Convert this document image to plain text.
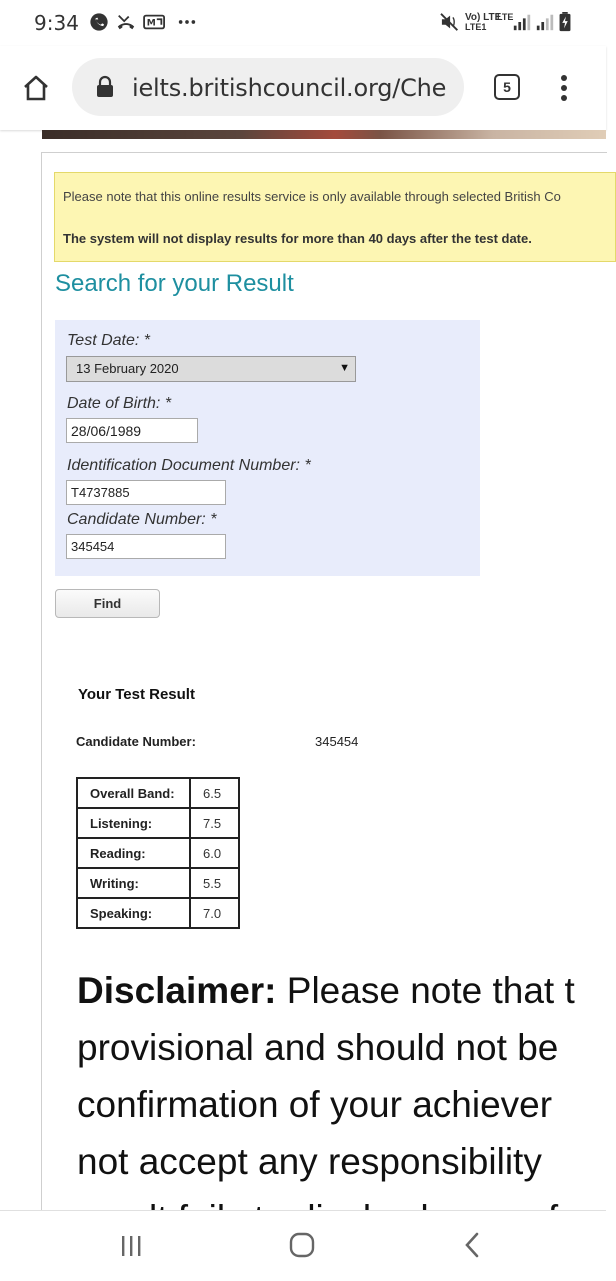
9:34	M
Vo) LTE
LTE1
LTE
ielts.britishcouncil.org/Che	5
Please note that this online results service is only available through selected British Co
The system will not display results for more than 40 days after the test date.
Search for your Result
Test Date: *
13 February 2020	▼
Date of Birth: *
28/06/1989
Identification Document Number: *
T4737885
Candidate Number: *
345454
Find
Your Test Result
Candidate Number:	345454
Overall Band:	6.5
Listening:	7.5
Reading:	6.0
Writing:	5.5
Speaking:	7.0
Disclaimer: Please note that t
provisional and should not be
confirmation of your achiever
not accept any responsibility
